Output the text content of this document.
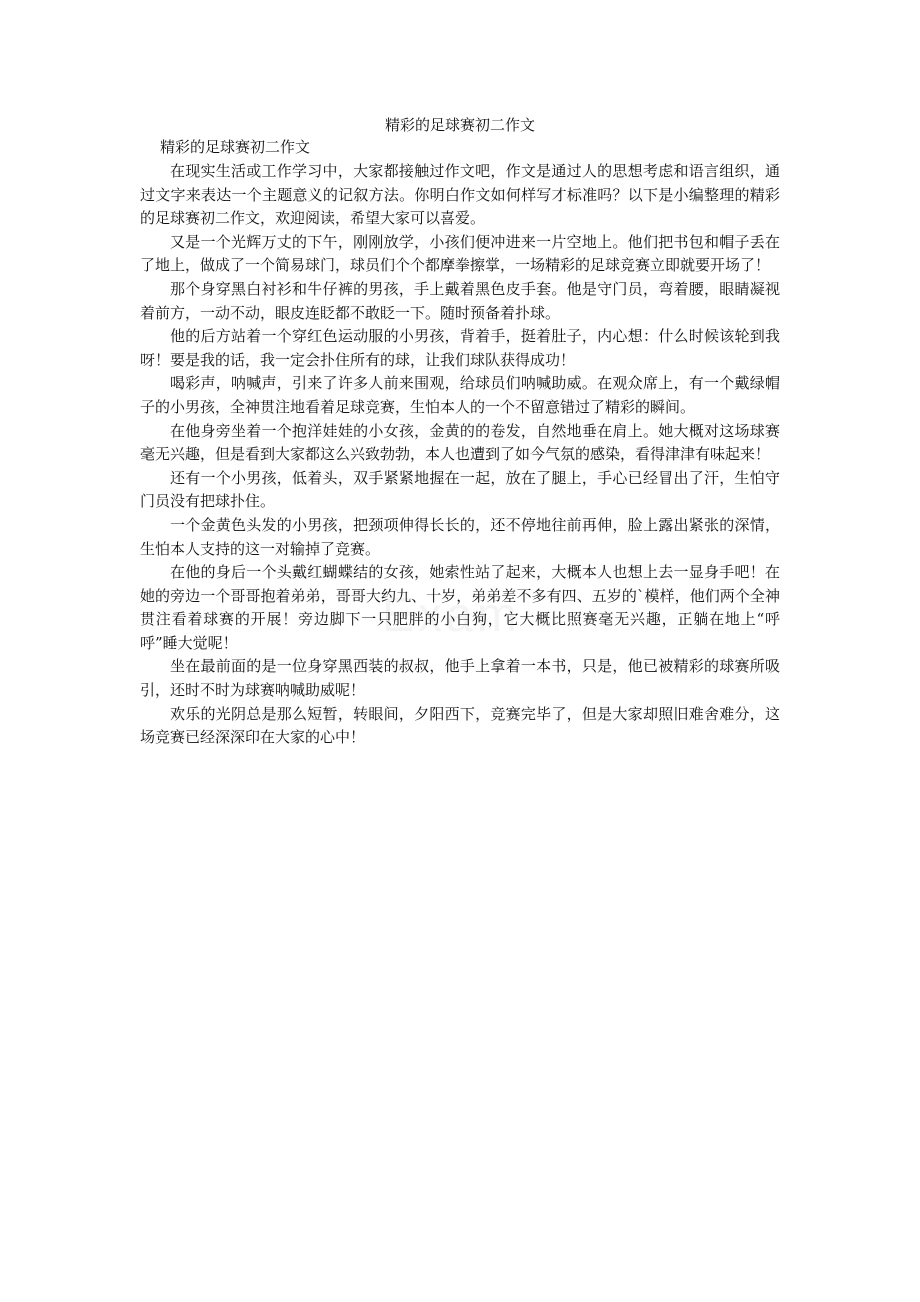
精彩的足球赛初二作文
精彩的足球赛初二作文

在现实生活或工作学习中，大家都接触过作文吧，作文是通过人的思想考虑和语言组织，通过文字来表达一个主题意义的记叙方法。你明白作文如何样写才标准吗？以下是小编整理的精彩的足球赛初二作文，欢迎阅读，希望大家可以喜爱。

又是一个光辉万丈的下午，刚刚放学，小孩们便冲进来一片空地上。他们把书包和帽子丢在了地上，做成了一个简易球门，球员们个个都摩拳擦掌，一场精彩的足球竞赛立即就要开场了！

那个身穿黑白衬衫和牛仔裤的男孩，手上戴着黑色皮手套。他是守门员，弯着腰，眼睛凝视着前方，一动不动，眼皮连眨都不敢眨一下。随时预备着扑球。

他的后方站着一个穿红色运动服的小男孩，背着手，挺着肚子，内心想：什么时候该轮到我呀！要是我的话，我一定会扑住所有的球，让我们球队获得成功！

喝彩声，呐喊声，引来了许多人前来围观，给球员们呐喊助威。在观众席上，有一个戴绿帽子的小男孩，全神贯注地看着足球竞赛，生怕本人的一个不留意错过了精彩的瞬间。

在他身旁坐着一个抱洋娃娃的小女孩，金黄的的卷发，自然地垂在肩上。她大概对这场球赛毫无兴趣，但是看到大家都这么兴致勃勃，本人也遭到了如今气氛的感染，看得津津有味起来！

还有一个小男孩，低着头，双手紧紧地握在一起，放在了腿上，手心已经冒出了汗，生怕守门员没有把球扑住。

一个金黄色头发的小男孩，把颈项伸得长长的，还不停地往前再伸，脸上露出紧张的深情，生怕本人支持的这一对输掉了竞赛。

在他的身后一个头戴红蝴蝶结的女孩，她索性站了起来，大概本人也想上去一显身手吧！在她的旁边一个哥哥抱着弟弟，哥哥大约九、十岁，弟弟差不多有四、五岁的`模样，他们两个全神贯注看着球赛的开展！旁边脚下一只肥胖的小白狗，它大概比照赛毫无兴趣，正躺在地上“呼呼”睡大觉呢！

坐在最前面的是一位身穿黑西装的叔叔，他手上拿着一本书，只是，他已被精彩的球赛所吸引，还时不时为球赛呐喊助威呢！

欢乐的光阴总是那么短暂，转眼间，夕阳西下，竞赛完毕了，但是大家却照旧难舍难分，这场竞赛已经深深印在大家的心中！
